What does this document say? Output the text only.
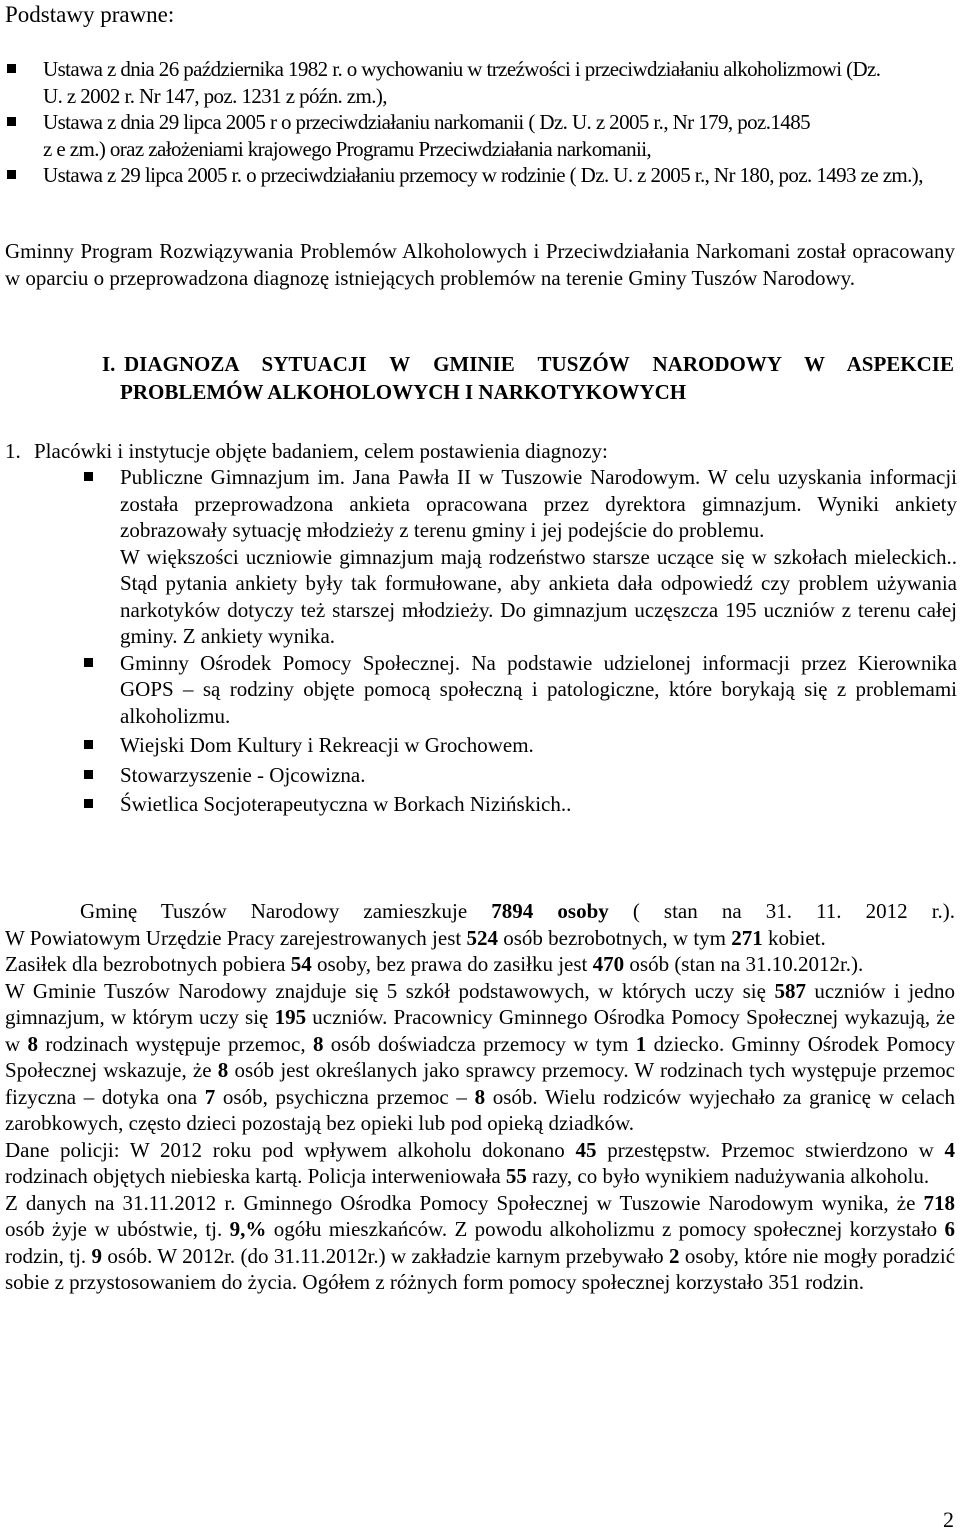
Podstawy prawne:
Ustawa z dnia 26 października 1982 r. o wychowaniu w trzeźwości i przeciwdziałaniu alkoholizmowi (Dz. U. z 2002 r. Nr 147, poz. 1231 z późn. zm.),
Ustawa z dnia 29 lipca 2005 r o przeciwdziałaniu narkomanii ( Dz. U. z 2005 r., Nr 179, poz.1485 z e zm.) oraz założeniami krajowego Programu Przeciwdziałania narkomanii,
Ustawa z 29 lipca 2005 r. o przeciwdziałaniu przemocy w rodzinie ( Dz. U. z 2005 r., Nr 180, poz. 1493 ze zm.),
Gminny Program Rozwiązywania Problemów Alkoholowych i Przeciwdziałania Narkomani został opracowany w oparciu o przeprowadzona diagnozę istniejących problemów na terenie Gminy Tuszów Narodowy.
I. DIAGNOZA SYTUACJI W GMINIE TUSZÓW NARODOWY W ASPEKCIE
PROBLEMÓW ALKOHOLOWYCH I NARKOTYKOWYCH
1. Placówki i instytucje objęte badaniem, celem postawienia diagnozy:
Publiczne Gimnazjum im. Jana Pawła II w Tuszowie Narodowym. W celu uzyskania informacji została przeprowadzona ankieta opracowana przez dyrektora gimnazjum. Wyniki ankiety zobrazowały sytuację młodzieży z terenu gminy i jej podejście do problemu.
W większości uczniowie gimnazjum mają rodzeństwo starsze uczące się w szkołach mieleckich.. Stąd pytania ankiety były tak formułowane, aby ankieta dała odpowiedź czy problem używania narkotyków dotyczy też starszej młodzieży. Do gimnazjum uczęszcza 195 uczniów z terenu całej gminy. Z ankiety wynika.
Gminny Ośrodek Pomocy Społecznej. Na podstawie udzielonej informacji przez Kierownika GOPS – są rodziny objęte pomocą społeczną i patologiczne, które borykają się z problemami alkoholizmu.
Wiejski Dom Kultury i Rekreacji w Grochowem.
Stowarzyszenie - Ojcowizna.
Świetlica Socjoterapeutyczna w Borkach Nizińskich..
Gminę Tuszów Narodowy zamieszkuje 7894 osoby ( stan na 31. 11. 2012 r.).
W Powiatowym Urzędzie Pracy zarejestrowanych jest 524 osób bezrobotnych, w tym 271 kobiet.
Zasiłek dla bezrobotnych pobiera 54 osoby, bez prawa do zasiłku jest 470 osób (stan na 31.10.2012r.).
W Gminie Tuszów Narodowy znajduje się 5 szkół podstawowych, w których uczy się 587 uczniów i jedno gimnazjum, w którym uczy się 195 uczniów. Pracownicy Gminnego Ośrodka Pomocy Społecznej wykazują, że w 8 rodzinach występuje przemoc, 8 osób doświadcza przemocy w tym 1 dziecko. Gminny Ośrodek Pomocy Społecznej wskazuje, że 8 osób jest określanych jako sprawcy przemocy. W rodzinach tych występuje przemoc fizyczna – dotyka ona 7 osób, psychiczna przemoc – 8 osób. Wielu rodziców wyjechało za granicę w celach zarobkowych, często dzieci pozostają bez opieki lub pod opieką dziadków.
Dane policji: W 2012 roku pod wpływem alkoholu dokonano 45 przestępstw. Przemoc stwierdzono w 4 rodzinach objętych niebieska kartą. Policja interweniowała 55 razy, co było wynikiem nadużywania alkoholu.
Z danych na 31.11.2012 r. Gminnego Ośrodka Pomocy Społecznej w Tuszowie Narodowym wynika, że 718 osób żyje w ubóstwie, tj. 9,% ogółu mieszkańców. Z powodu alkoholizmu z pomocy społecznej korzystało 6 rodzin, tj. 9 osób. W 2012r. (do 31.11.2012r.) w zakładzie karnym przebywało 2 osoby, które nie mogły poradzić sobie z przystosowaniem do życia. Ogółem z różnych form pomocy społecznej korzystało 351 rodzin.
2
